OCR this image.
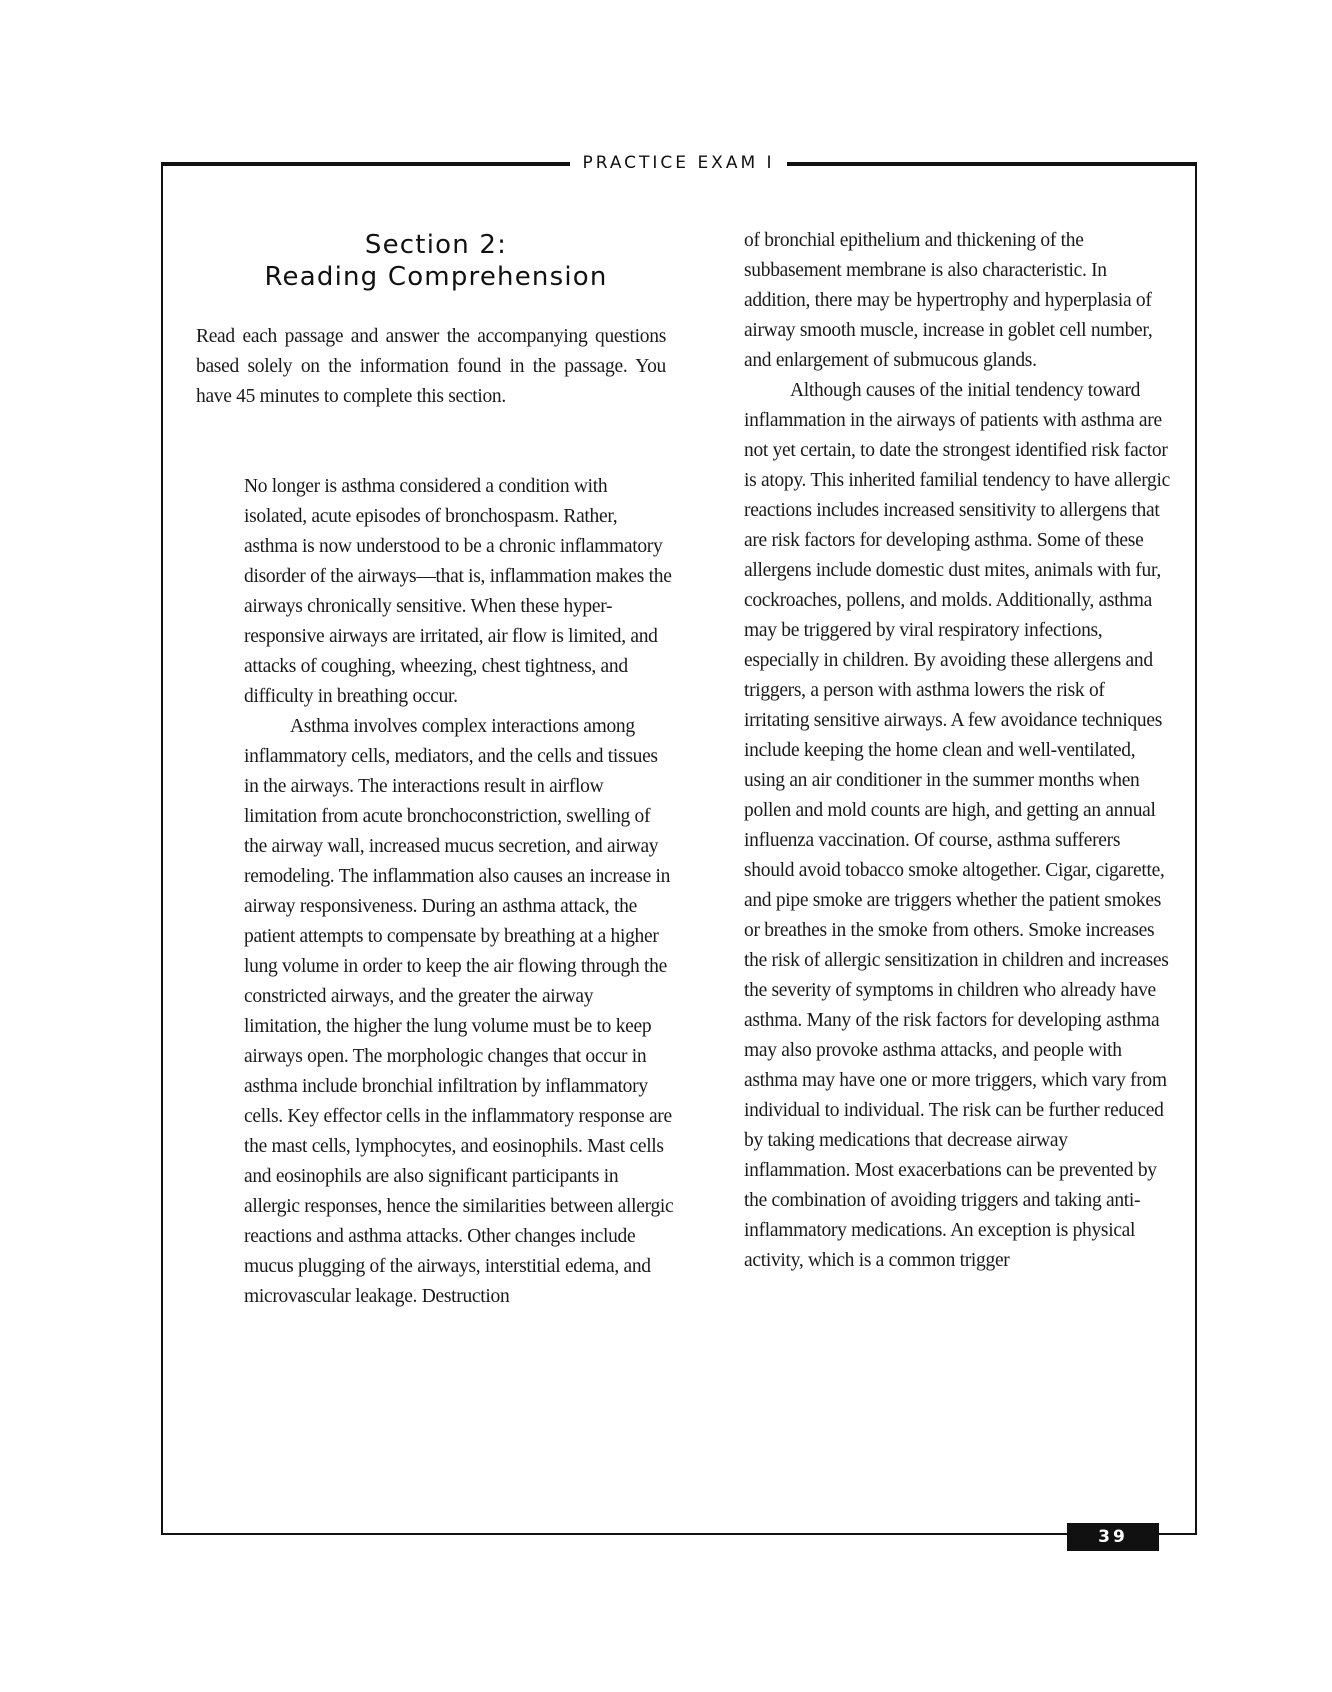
PRACTICE EXAM I
Section 2:
Reading Comprehension
Read each passage and answer the accompanying questions based solely on the information found in the passage. You have 45 minutes to complete this section.

No longer is asthma considered a condition with isolated, acute episodes of bronchospasm. Rather, asthma is now understood to be a chronic inflammatory disorder of the airways—that is, inflammation makes the airways chronically sensitive. When these hyper-responsive airways are irritated, air flow is limited, and attacks of coughing, wheezing, chest tightness, and difficulty in breathing occur.

Asthma involves complex interactions among inflammatory cells, mediators, and the cells and tissues in the airways. The interactions result in airflow limitation from acute bronchoconstriction, swelling of the airway wall, increased mucus secretion, and airway remodeling. The inflammation also causes an increase in airway responsiveness. During an asthma attack, the patient attempts to compensate by breathing at a higher lung volume in order to keep the air flowing through the constricted airways, and the greater the airway limitation, the higher the lung volume must be to keep airways open. The morphologic changes that occur in asthma include bronchial infiltration by inflammatory cells. Key effector cells in the inflammatory response are the mast cells, lymphocytes, and eosinophils. Mast cells and eosinophils are also significant participants in allergic responses, hence the similarities between allergic reactions and asthma attacks. Other changes include mucus plugging of the airways, interstitial edema, and microvascular leakage. Destruction

of bronchial epithelium and thickening of the subbasement membrane is also characteristic. In addition, there may be hypertrophy and hyperplasia of airway smooth muscle, increase in goblet cell number, and enlargement of submucous glands.

Although causes of the initial tendency toward inflammation in the airways of patients with asthma are not yet certain, to date the strongest identified risk factor is atopy. This inherited familial tendency to have allergic reactions includes increased sensitivity to allergens that are risk factors for developing asthma. Some of these allergens include domestic dust mites, animals with fur, cockroaches, pollens, and molds. Additionally, asthma may be triggered by viral respiratory infections, especially in children. By avoiding these allergens and triggers, a person with asthma lowers the risk of irritating sensitive airways. A few avoidance techniques include keeping the home clean and well-ventilated, using an air conditioner in the summer months when pollen and mold counts are high, and getting an annual influenza vaccination. Of course, asthma sufferers should avoid tobacco smoke altogether. Cigar, cigarette, and pipe smoke are triggers whether the patient smokes or breathes in the smoke from others. Smoke increases the risk of allergic sensitization in children and increases the severity of symptoms in children who already have asthma. Many of the risk factors for developing asthma may also provoke asthma attacks, and people with asthma may have one or more triggers, which vary from individual to individual. The risk can be further reduced by taking medications that decrease airway inflammation. Most exacerbations can be prevented by the combination of avoiding triggers and taking anti-inflammatory medications. An exception is physical activity, which is a common trigger

39
